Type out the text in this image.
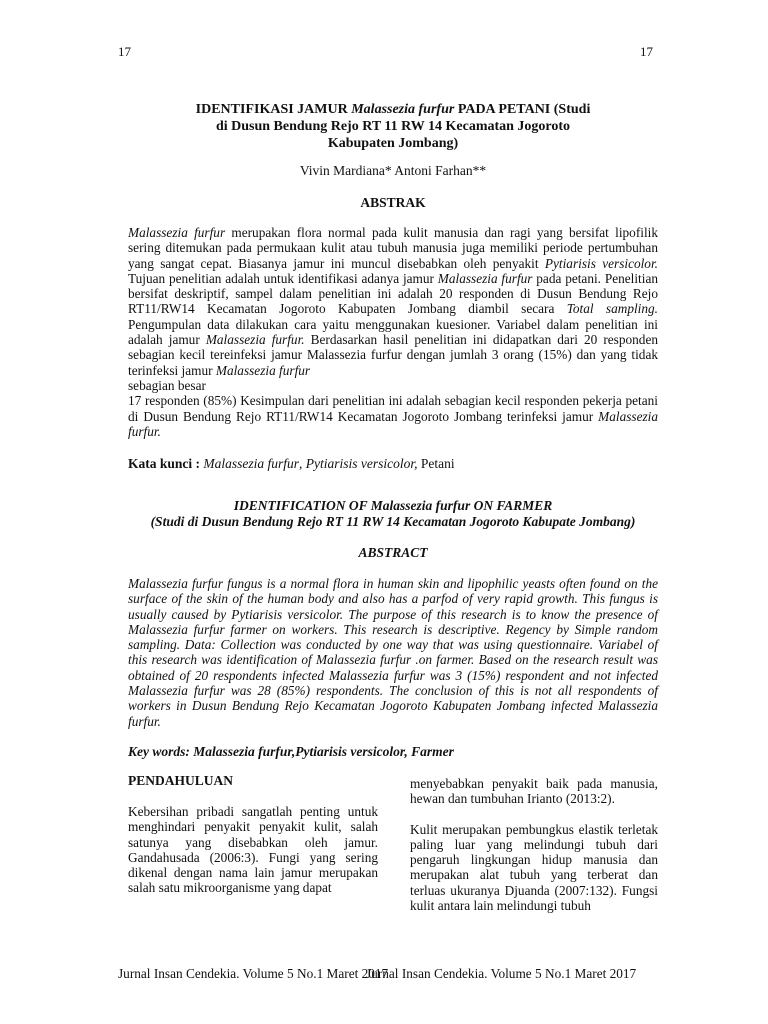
17	17
IDENTIFIKASI JAMUR Malassezia furfur PADA PETANI (Studi
di Dusun Bendung Rejo RT 11 RW 14 Kecamatan Jogoroto
Kabupaten Jombang)
Vivin Mardiana* Antoni Farhan**
ABSTRAK

Malassezia furfur merupakan flora normal pada kulit manusia dan ragi yang bersifat lipofilik sering ditemukan pada permukaan kulit atau tubuh manusia juga memiliki periode pertumbuhan yang sangat cepat. Biasanya jamur ini muncul disebabkan oleh penyakit Pytiarisis versicolor. Tujuan penelitian adalah untuk identifikasi adanya jamur Malassezia furfur pada petani. Penelitian bersifat deskriptif, sampel dalam penelitian ini adalah 20 responden di Dusun Bendung Rejo RT11/RW14 Kecamatan Jogoroto Kabupaten Jombang diambil secara Total sampling. Pengumpulan data dilakukan cara yaitu menggunakan kuesioner. Variabel dalam penelitian ini adalah jamur Malassezia furfur. Berdasarkan hasil penelitian ini didapatkan dari 20 responden sebagian kecil tereinfeksi jamur Malassezia furfur dengan jumlah 3 orang (15%) dan yang tidak terinfeksi jamur Malassezia furfur

sebagian besar

17 responden (85%) Kesimpulan dari penelitian ini adalah sebagian kecil responden pekerja petani di Dusun Bendung Rejo RT11/RW14 Kecamatan Jogoroto Jombang terinfeksi jamur Malassezia furfur.

Kata kunci : Malassezia furfur, Pytiarisis versicolor, Petani
IDENTIFICATION OF Malassezia furfur ON FARMER
(Studi di Dusun Bendung Rejo RT 11 RW 14 Kecamatan Jogoroto Kabupate Jombang)
ABSTRACT
Malassezia furfur fungus is a normal flora in human skin and lipophilic yeasts often found on the surface of the skin of the human body and also has a parfod of very rapid growth. This fungus is usually caused by Pytiarisis versicolor. The purpose of this research is to know the presence of Malassezia furfur farmer on workers. This research is descriptive. Regency by Simple random sampling. Data: Collection was conducted by one way that was using questionnaire. Variabel of this research was identification of Malassezia furfur .on farmer. Based on the research result was obtained of 20 respondents infected Malassezia furfur was 3 (15%) respondent and not infected Malassezia furfur was 28 (85%) respondents. The conclusion of this is not all respondents of workers in Dusun Bendung Rejo Kecamatan Jogoroto Kabupaten Jombang infected Malassezia furfur.
Key words: Malassezia furfur,Pytiarisis versicolor, Farmer
PENDAHULUAN
Kebersihan pribadi sangatlah penting untuk menghindari penyakit penyakit kulit, salah satunya yang disebabkan oleh jamur. Gandahusada (2006:3). Fungi yang sering dikenal dengan nama lain jamur merupakan salah satu mikroorganisme yang dapat

menyebabkan penyakit baik pada manusia, hewan dan tumbuhan Irianto (2013:2).

Kulit merupakan pembungkus elastik terletak paling luar yang melindungi tubuh dari pengaruh lingkungan hidup manusia dan merupakan alat tubuh yang terberat dan terluas ukuranya Djuanda (2007:132). Fungsi kulit antara lain melindungi tubuh

Jurnal Insan Cendekia. Volume 5 No.1 Maret 2017
Jurnal Insan Cendekia. Volume 5 No.1 Maret 2017
